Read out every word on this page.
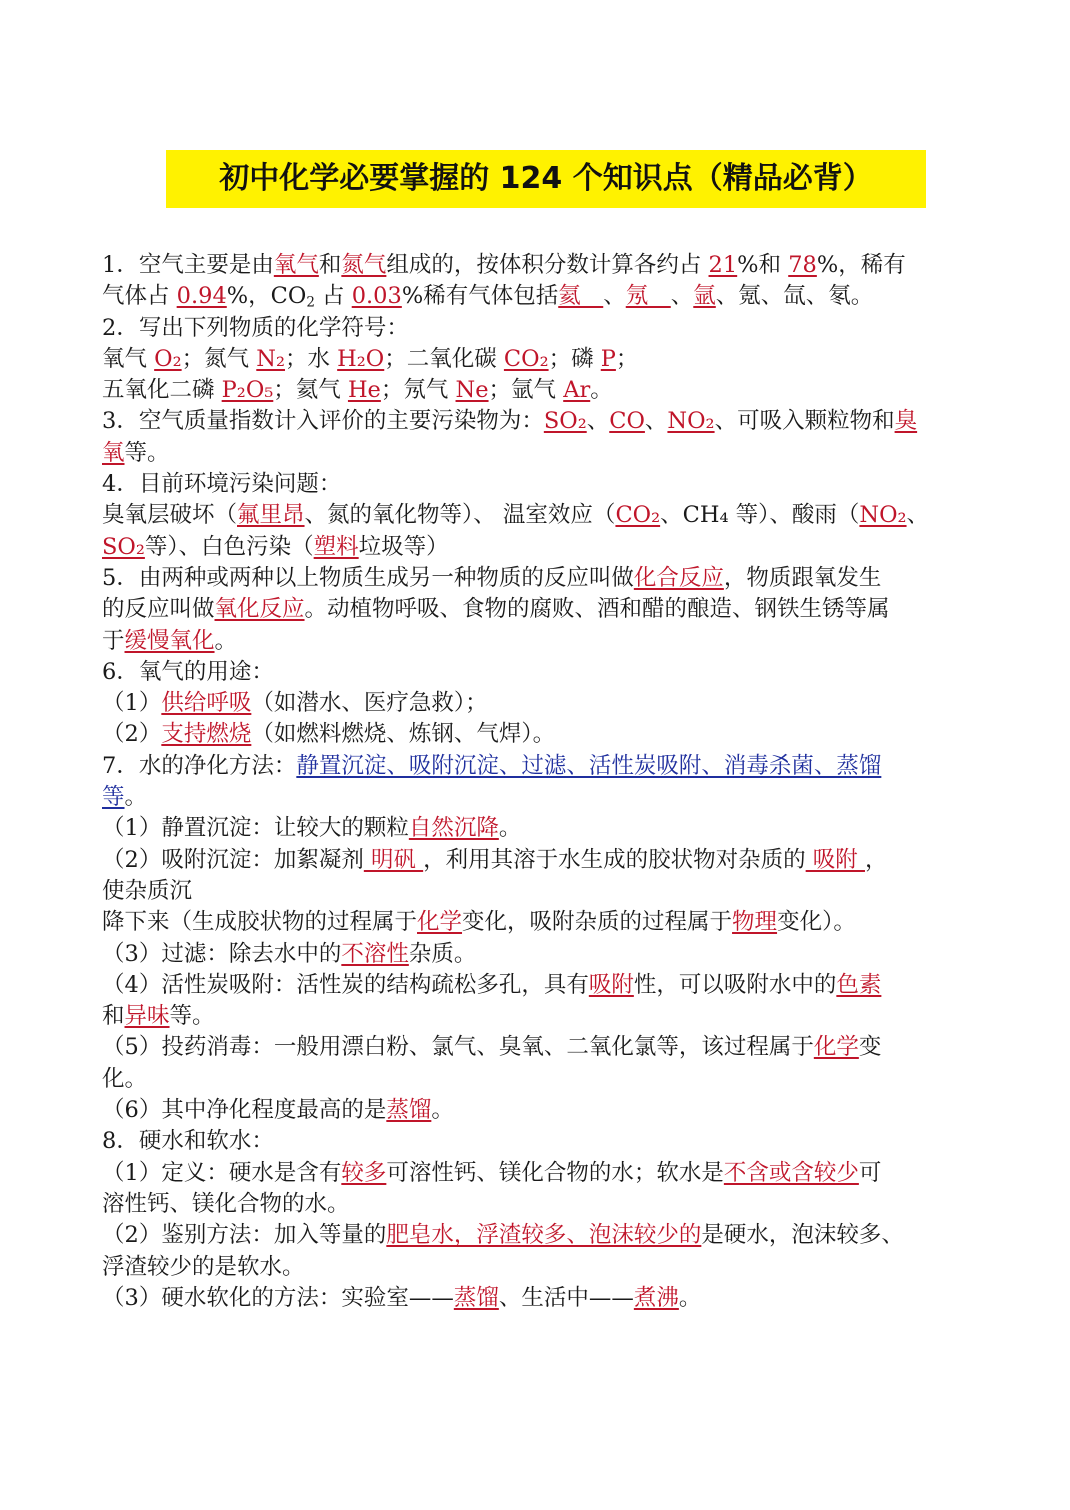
初中化学必要掌握的 124 个知识点（精品必背）
1．空气主要是由氧气和氮气组成的，按体积分数计算各约占 21%和 78%，稀有
气体占 0.94%，$CO_2$ 占 0.03%稀有气体包括氦　、氖　、氩、氪、氙、氡。
2．写出下列物质的化学符号：
氧气 O₂；氮气 N₂；水 H₂O；二氧化碳 CO₂；磷 P；
五氧化二磷 P₂O₅；氦气 He；氖气 Ne；氩气 Ar。
3．空气质量指数计入评价的主要污染物为：SO₂、CO、NO₂、可吸入颗粒物和臭
氧等。
4．目前环境污染问题：
臭氧层破坏（氟里昂、氮的氧化物等）、 温室效应（CO₂、CH₄ 等）、酸雨（NO₂、
SO₂等）、白色污染（塑料垃圾等）
5．由两种或两种以上物质生成另一种物质的反应叫做化合反应，物质跟氧发生
的反应叫做氧化反应。动植物呼吸、食物的腐败、酒和醋的酿造、钢铁生锈等属
于缓慢氧化。
6．氧气的用途：
（1）供给呼吸（如潜水、医疗急救）；
（2）支持燃烧（如燃料燃烧、炼钢、气焊）。
7．水的净化方法：静置沉淀、吸附沉淀、过滤、活性炭吸附、消毒杀菌、蒸馏
等。
（1）静置沉淀：让较大的颗粒自然沉降。
（2）吸附沉淀：加絮凝剂 明矾 ，利用其溶于水生成的胶状物对杂质的 吸附 ，
使杂质沉
降下来（生成胶状物的过程属于化学变化，吸附杂质的过程属于物理变化）。
（3）过滤：除去水中的不溶性杂质。
（4）活性炭吸附：活性炭的结构疏松多孔，具有吸附性，可以吸附水中的色素
和异味等。
（5）投药消毒：一般用漂白粉、氯气、臭氧、二氧化氯等，该过程属于化学变
化。
（6）其中净化程度最高的是蒸馏。
8．硬水和软水：
（1）定义：硬水是含有较多可溶性钙、镁化合物的水；软水是不含或含较少可
溶性钙、镁化合物的水。
（2）鉴别方法：加入等量的肥皂水，浮渣较多、泡沫较少的是硬水，泡沫较多、
浮渣较少的是软水。
（3）硬水软化的方法：实验室——蒸馏、生活中——煮沸。
